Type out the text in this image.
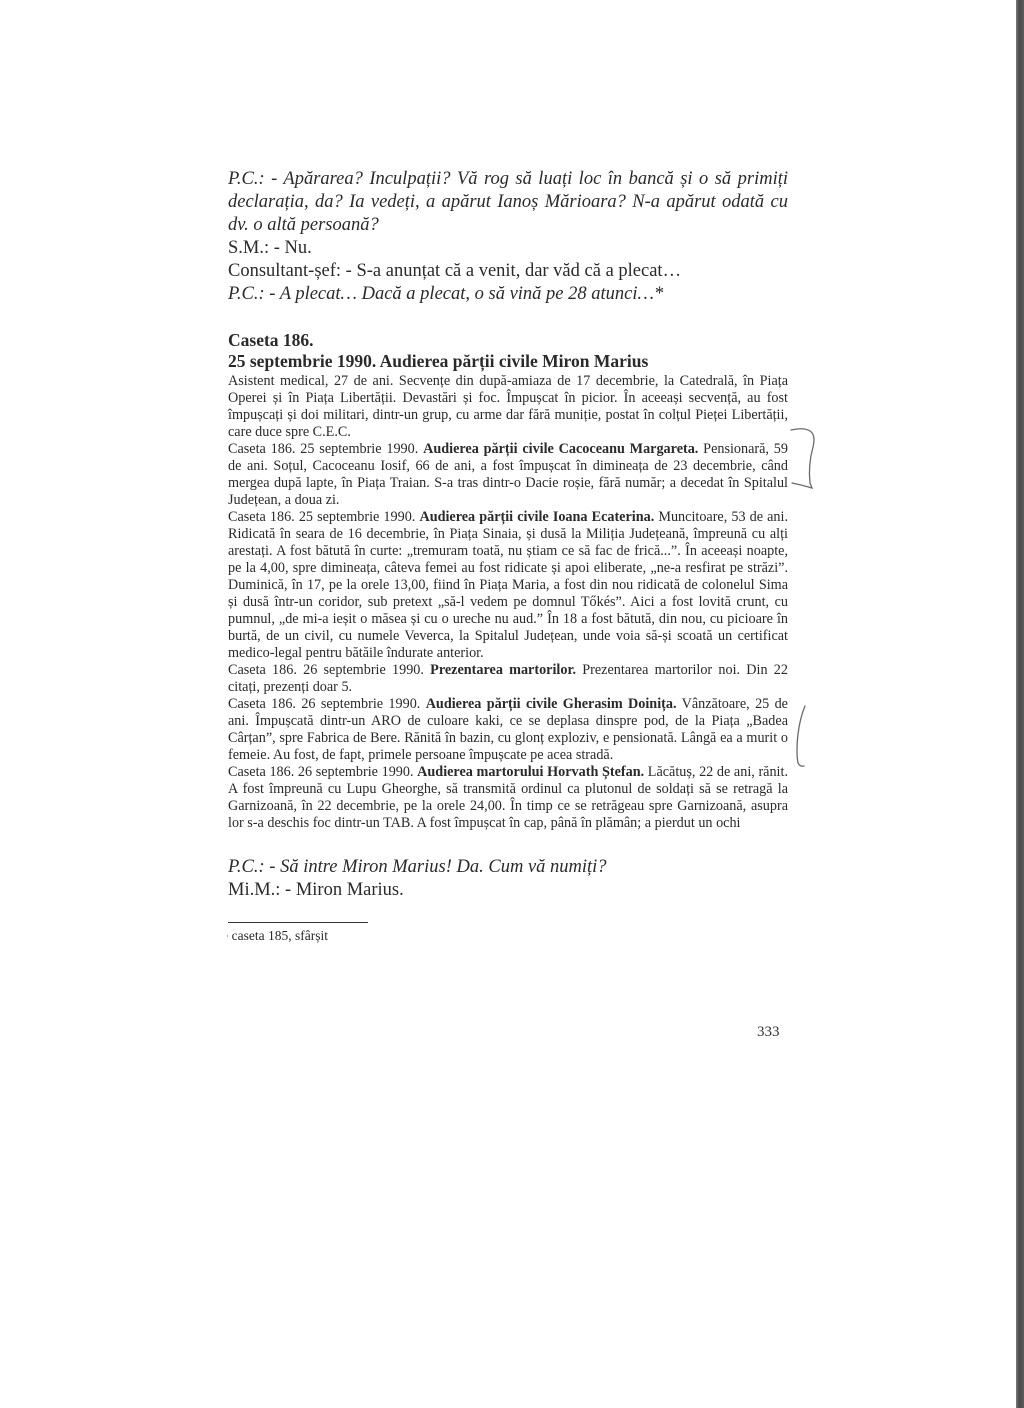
P.C.: - Apărarea? Inculpații? Vă rog să luați loc în bancă și o să primiți declarația, da? Ia vedeți, a apărut Ianoș Mărioara? N-a apărut odată cu dv. o altă persoană?
S.M.: - Nu.
Consultant-șef: - S-a anunțat că a venit, dar văd că a plecat…
P.C.: - A plecat… Dacă a plecat, o să vină pe 28 atunci…*
Caseta 186.
25 septembrie 1990. Audierea părții civile Miron Marius
Asistent medical, 27 de ani. Secvențe din după-amiaza de 17 decembrie, la Catedrală, în Piața Operei și în Piața Libertății. Devastări și foc. Împușcat în picior. În aceeași secvență, au fost împușcați și doi militari, dintr-un grup, cu arme dar fără muniție, postat în colțul Pieței Libertății, care duce spre C.E.C.
Caseta 186. 25 septembrie 1990. Audierea părții civile Cacoceanu Margareta. Pensionară, 59 de ani. Soțul, Cacoceanu Iosif, 66 de ani, a fost împușcat în dimineața de 23 decembrie, când mergea după lapte, în Piața Traian. S-a tras dintr-o Dacie roșie, fără număr; a decedat în Spitalul Județean, a doua zi.
Caseta 186. 25 septembrie 1990. Audierea părții civile Ioana Ecaterina. Muncitoare, 53 de ani. Ridicată în seara de 16 decembrie, în Piața Sinaia, și dusă la Miliția Județeană, împreună cu alți arestați. A fost bătută în curte: „tremuram toată, nu știam ce să fac de frică...”. În aceeași noapte, pe la 4,00, spre dimineața, câteva femei au fost ridicate și apoi eliberate, „ne-a resfirat pe străzi”. Duminică, în 17, pe la orele 13,00, fiind în Piața Maria, a fost din nou ridicată de colonelul Sima și dusă într-un coridor, sub pretext „să-l vedem pe domnul Tőkés”. Aici a fost lovită crunt, cu pumnul, „de mi-a ieșit o măsea și cu o ureche nu aud.” În 18 a fost bătută, din nou, cu picioare în burtă, de un civil, cu numele Veverca, la Spitalul Județean, unde voia să-și scoată un certificat medico-legal pentru bătăile îndurate anterior.
Caseta 186. 26 septembrie 1990. Prezentarea martorilor. Prezentarea martorilor noi. Din 22 citați, prezenți doar 5.
Caseta 186. 26 septembrie 1990. Audierea părții civile Gherasim Doinița. Vânzătoare, 25 de ani. Împușcată dintr-un ARO de culoare kaki, ce se deplasa dinspre pod, de la Piața „Badea Cârțan”, spre Fabrica de Bere. Rănită în bazin, cu glonț exploziv, e pensionată. Lângă ea a murit o femeie. Au fost, de fapt, primele persoane împușcate pe acea stradă.
Caseta 186. 26 septembrie 1990. Audierea martorului Horvath Ștefan. Lăcătuș, 22 de ani, rănit. A fost împreună cu Lupu Gheorghe, să transmită ordinul ca plutonul de soldați să se retragă la Garnizoană, în 22 decembrie, pe la orele 24,00. În timp ce se retrăgeau spre Garnizoană, asupra lor s-a deschis foc dintr-un TAB. A fost împușcat în cap, până în plămân; a pierdut un ochi
P.C.: - Să intre Miron Marius! Da. Cum vă numiți?
Mi.M.: - Miron Marius.
· caseta 185, sfârșit
333
